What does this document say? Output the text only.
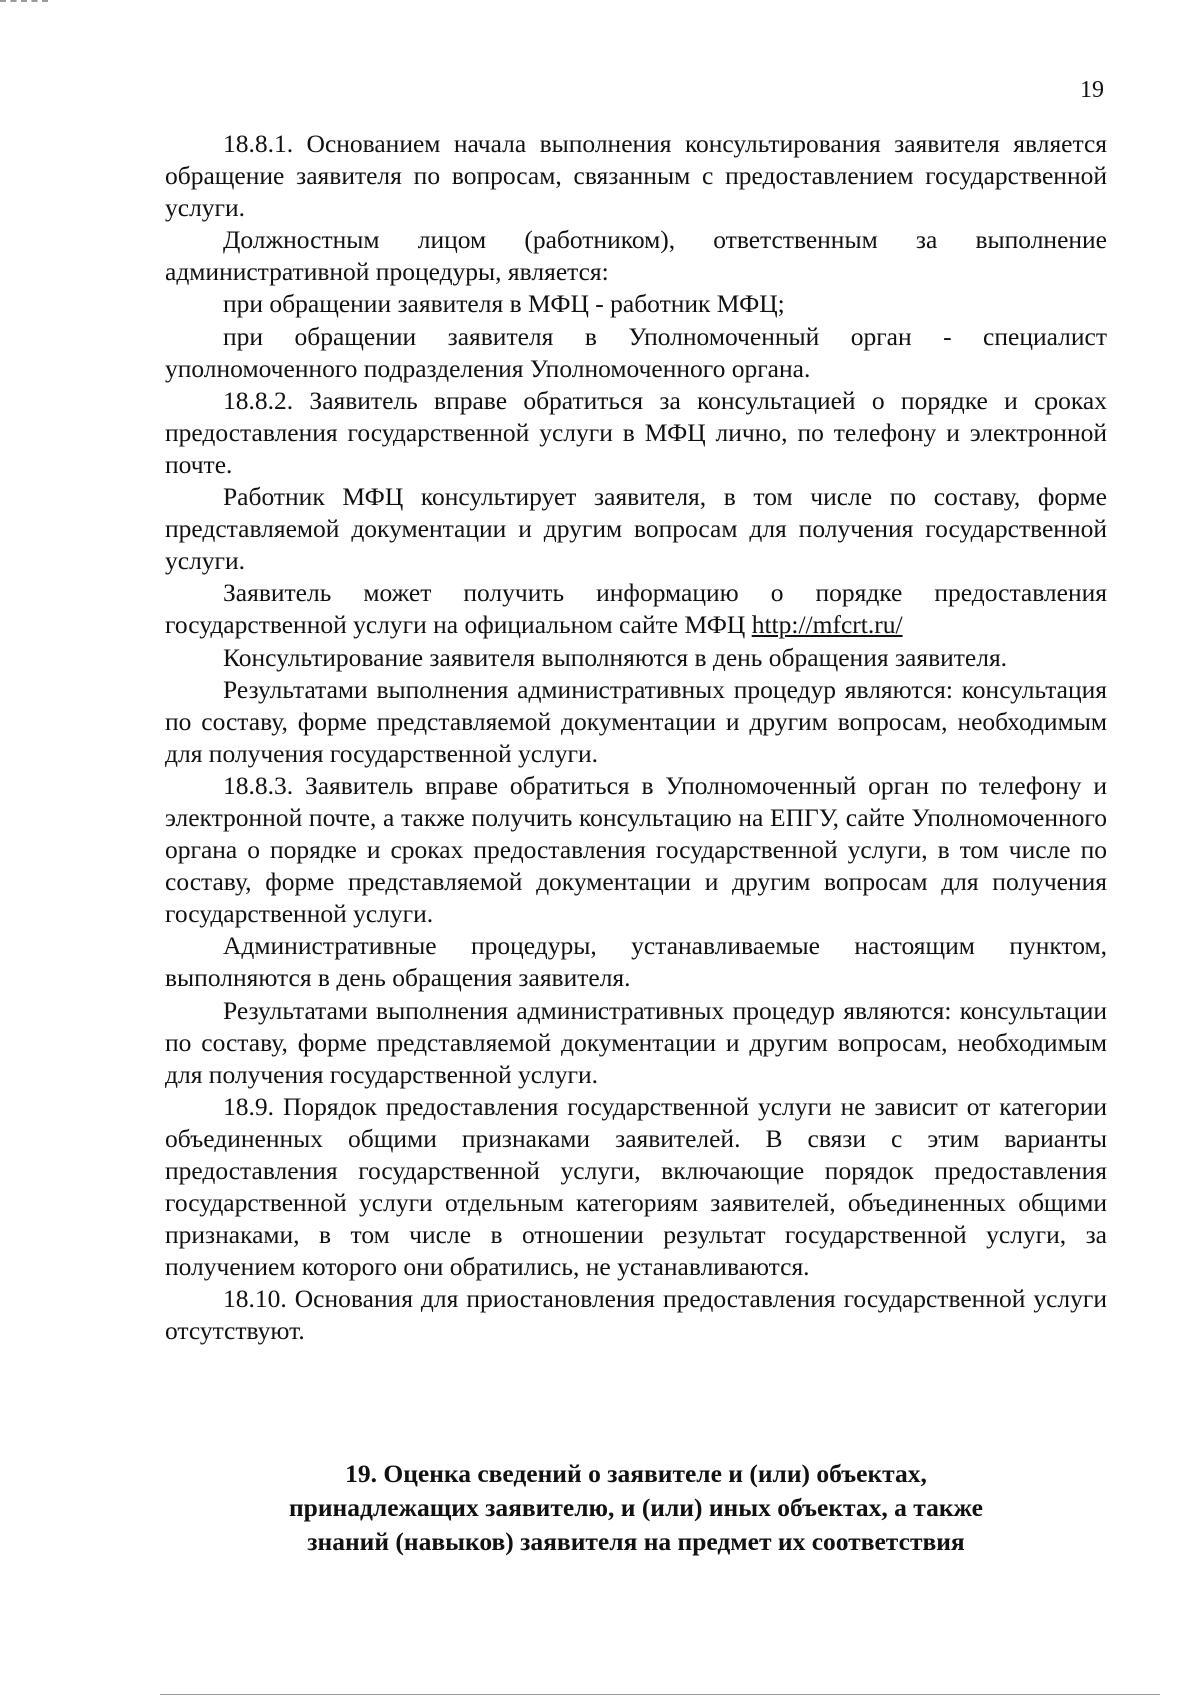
19

18.8.1. Основанием начала выполнения консультирования заявителя является обращение заявителя по вопросам, связанным с предоставлением государственной услуги.

Должностным лицом (работником), ответственным за выполнение административной процедуры, является:

при обращении заявителя в МФЦ - работник МФЦ;

при обращении заявителя в Уполномоченный орган - специалист уполномоченного подразделения Уполномоченного органа.

18.8.2. Заявитель вправе обратиться за консультацией о порядке и сроках предоставления государственной услуги в МФЦ лично, по телефону и электронной почте.

Работник МФЦ консультирует заявителя, в том числе по составу, форме представляемой документации и другим вопросам для получения государственной услуги.

Заявитель может получить информацию о порядке предоставления государственной услуги на официальном сайте МФЦ http://mfcrt.ru/

Консультирование заявителя выполняются в день обращения заявителя.

Результатами выполнения административных процедур являются: консультация по составу, форме представляемой документации и другим вопросам, необходимым для получения государственной услуги.

18.8.3. Заявитель вправе обратиться в Уполномоченный орган по телефону и электронной почте, а также получить консультацию на ЕПГУ, сайте Уполномоченного органа о порядке и сроках предоставления государственной услуги, в том числе по составу, форме представляемой документации и другим вопросам для получения государственной услуги.

Административные процедуры, устанавливаемые настоящим пунктом, выполняются в день обращения заявителя.

Результатами выполнения административных процедур являются: консультации по составу, форме представляемой документации и другим вопросам, необходимым для получения государственной услуги.

18.9. Порядок предоставления государственной услуги не зависит от категории объединенных общими признаками заявителей. В связи с этим варианты предоставления государственной услуги, включающие порядок предоставления государственной услуги отдельным категориям заявителей, объединенных общими признаками, в том числе в отношении результат государственной услуги, за получением которого они обратились, не устанавливаются.

18.10. Основания для приостановления предоставления государственной услуги отсутствуют.

19. Оценка сведений о заявителе и (или) объектах,
принадлежащих заявителю, и (или) иных объектах, а также
знаний (навыков) заявителя на предмет их соответствия
